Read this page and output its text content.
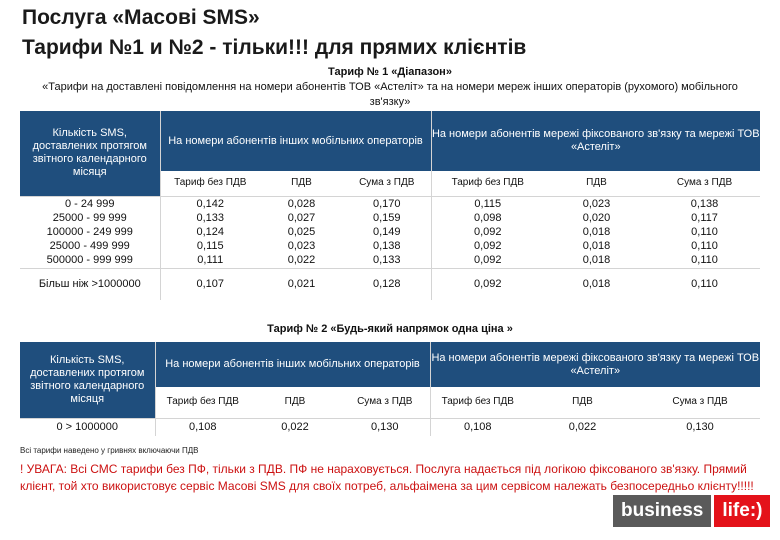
Послуга «Масові SMS»
Тарифи №1 и №2 - тільки!!! для прямих клієнтів
Тариф № 1 «Діапазон»
«Тарифи на доставлені повідомлення на номери абонентів ТОВ «Астеліт» та на номери мереж інших операторів (рухомого) мобільного зв'язку»
Кількість SMS, доставлених протягом звітного календарного місяця	На номери абонентів інших мобільних операторів			На номери абонентів мережі фіксованого зв'язку та мережі ТОВ «Астеліт»		
	Тариф без ПДВ	ПДВ	Сума з ПДВ	Тариф без ПДВ	ПДВ	Сума з ПДВ
0 - 24 999	0,142	0,028	0,170	0,115	0,023	0,138
25000 - 99 999	0,133	0,027	0,159	0,098	0,020	0,117
100000 - 249 999	0,124	0,025	0,149	0,092	0,018	0,110
25000 - 499 999	0,115	0,023	0,138	0,092	0,018	0,110
500000 - 999 999	0,111	0,022	0,133	0,092	0,018	0,110
Більш ніж >1000000	0,107	0,021	0,128	0,092	0,018	0,110
Тариф № 2 «Будь-який напрямок одна ціна »
Кількість SMS, доставлених протягом звітного календарного місяця	На номери абонентів інших мобільних операторів			На номери абонентів мережі фіксованого зв'язку та мережі ТОВ «Астеліт»		
	Тариф без ПДВ	ПДВ	Сума з ПДВ	Тариф без ПДВ	ПДВ	Сума з ПДВ
0 > 1000000	0,108	0,022	0,130	0,108	0,022	0,130
Всі тарифи наведено у гривнях включаючи ПДВ
! УВАГА: Всі СМС тарифи без ПФ, тільки з ПДВ. ПФ не нараховується. Послуга надається під логікою фіксованого зв'язку. Прямий клієнт, той хто використовує сервіс Масові SMS для своїх потреб, альфаімена за цим сервісом належать безпосередньо клієнту!!!!!
business	life:)
